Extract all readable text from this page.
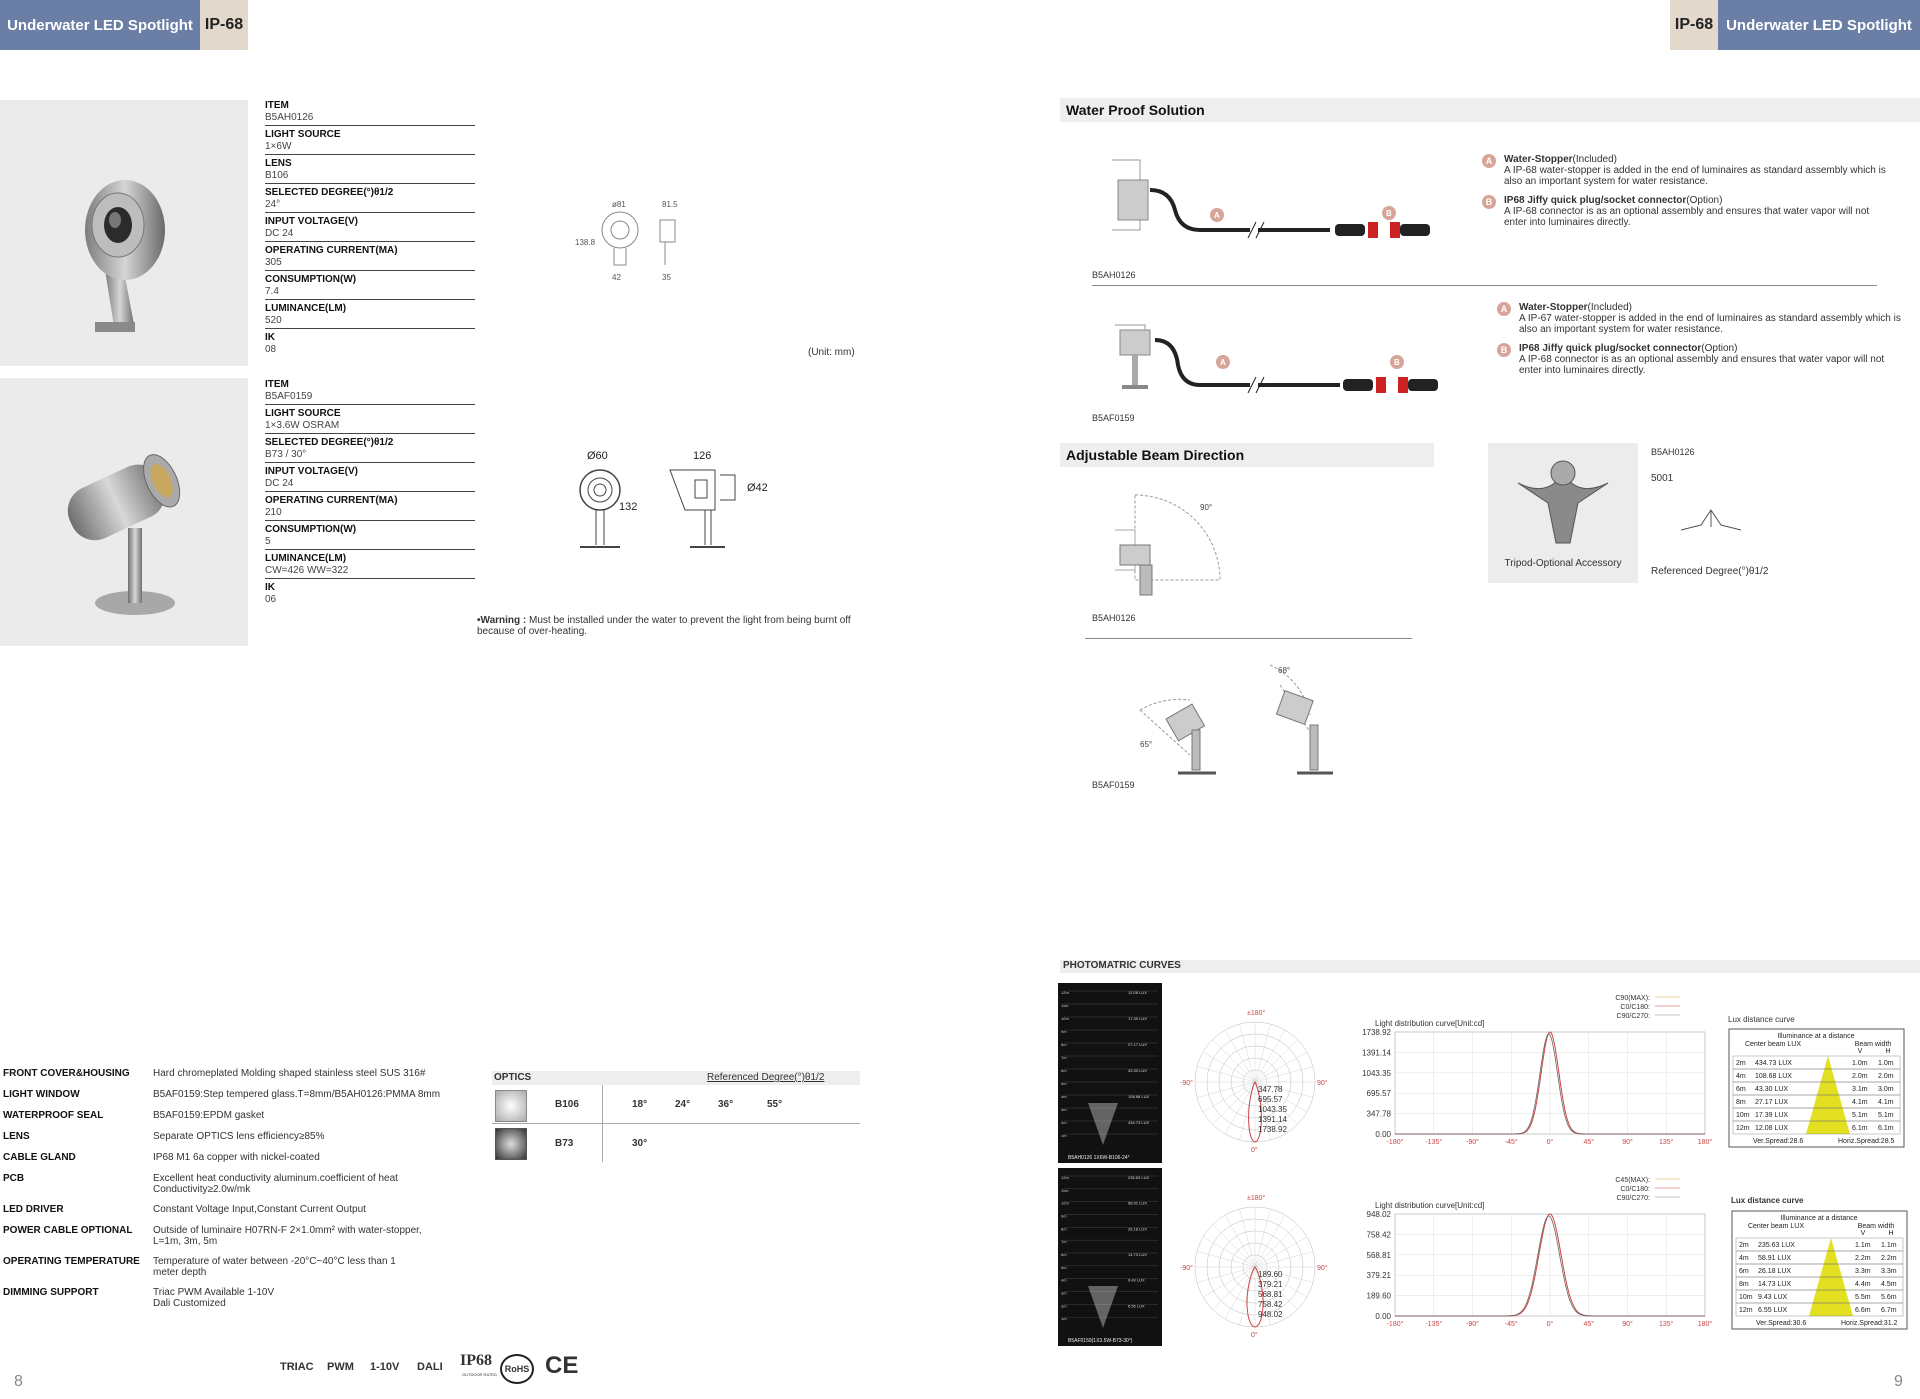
Underwater LED Spotlight IP-68	IP-68 Underwater LED Spotlight
ITEM
B5AH0126
LIGHT SOURCE
1×6W
LENS
B106
SELECTED DEGREE(°)θ1/2
24°
INPUT VOLTAGE(V)
DC 24
OPERATING CURRENT(MA)
305
CONSUMPTION(W)
7.4
LUMINANCE(LM)
520
IK
08
ø81	81.5
138.8
42	35
(Unit: mm)
ITEM
B5AF0159
LIGHT SOURCE
1×3.6W OSRAM
SELECTED DEGREE(°)θ1/2
B73 / 30°
INPUT VOLTAGE(V)
DC 24
OPERATING CURRENT(MA)
210
CONSUMPTION(W)
5
LUMINANCE(LM)
CW=426 WW=322
IK
06
Ø60	126
132
Ø42
•Warning : Must be installed under the water to prevent the light from being burnt off because of over-heating.
FRONT COVER&HOUSING	Hard chromeplated Molding shaped stainless steel SUS 316#
LIGHT WINDOW	B5AF0159:Step tempered glass.T=8mm/B5AH0126:PMMA 8mm
WATERPROOF SEAL	B5AF0159:EPDM gasket
LENS	Separate OPTICS lens efficiency≥85%
CABLE GLAND	IP68 M1 6a copper with nickel-coated
PCB	Excellent heat conductivity aluminum.coefficient of heat Conductivity≥2.0w/mk
LED DRIVER	Constant Voltage Input,Constant Current Output
POWER CABLE OPTIONAL	Outside of luminaire H07RN-F 2×1.0mm² with water-stopper, L=1m, 3m, 5m
OPERATING TEMPERATURE	Temperature of water between -20°C~40°C less than 1 meter depth
DIMMING SUPPORT	Triac PWM Available 1-10V Dali Customized
OPTICS	Referenced Degree(°)θ1/2
B106	18°	24°	36°	55°
B73	30°
TRIAC PWM 1-10V DALI IP68
OUTDOOR RATED
RoHS CE
8	9
Water Proof Solution
A	B
B5AH0126
A	Water-Stopper(Included)
A IP-68 water-stopper is added in the end of luminaires as standard assembly which is also an important system for water resistance.
B	IP68 Jiffy quick plug/socket connector(Option)
A IP-68 connector is as an optional assembly and ensures that water vapor will not enter into luminaires directly.
A	B
B5AF0159
A	Water-Stopper(Included)
A IP-67 water-stopper is added in the end of luminaires as standard assembly which is also an important system for water resistance.
B	IP68 Jiffy quick plug/socket connector(Option)
A IP-68 connector is as an optional assembly and ensures that water vapor will not enter into luminaires directly.
Adjustable Beam Direction
90°
B5AH0126
65°
68°
B5AF0159
Tripod-Optional Accessory
B5AH0126
5001
Referenced Degree(°)θ1/2
PHOTOMATRIC CURVES
12m
11m
10m
9m
8m
7m
6m
5m
4m
3m
2m
1m
12.08 LUX
17.39 LUX
27.17 LUX
43.30 LUX
108.68 LUX
434.73 LUX
B5AH0126 1X6W-B106-24°
±180°
-90°	90°
0°
347.78
695.57
1043.35
1391.14
1738.92
C90(MAX):
C0/C180:
C90/C270:
Light distribution curve[Unit:cd]
1738.92
1391.14
1043.35
695.57
347.78
0.00
-180°	-135°	-90°	-45°	0°	45°	90°	135°	180°
Lux distance curve
Illuminance at a distance
Center beam LUX	Beam width
V	H
2m 434.73 LUX	1.0m 1.0m
4m 108.68 LUX	2.0m 2.0m
6m 43.30 LUX	3.1m 3.0m
8m 27.17 LUX	4.1m 4.1m
10m 17.39 LUX	5.1m 5.1m
12m 12.08 LUX	6.1m 6.1m
Ver.Spread:28.6	Horiz.Spread:28.5
12m
11m
10m
9m
8m
7m
6m
5m
4m
3m
2m
1m
235.63 LUX
58.91 LUX
26.18 LUX
14.73 LUX
9.43 LUX
6.55 LUX
B5AF0159(1X3.5W-B73-30°)
±180°
-90°	90°
0°
189.60
379.21
568.81
758.42
948.02
C45(MAX):
C0/C180:
C90/C270:
Light distribution curve[Unit:cd]
948.02
758.42
568.81
379.21
189.60
0.00
-180°	-135°	-90°	-45°	0°	45°	90°	135°	180°
Lux distance curve
Illuminance at a distance
Center beam LUX	Beam width
V	H
2m 235.63 LUX	1.1m 1.1m
4m 58.91 LUX	2.2m 2.2m
6m 26.18 LUX	3.3m 3.3m
8m 14.73 LUX	4.4m 4.5m
10m 9.43 LUX	5.5m 5.6m
12m 6.55 LUX	6.6m 6.7m
Ver.Spread:30.6	Horiz.Spread:31.2
